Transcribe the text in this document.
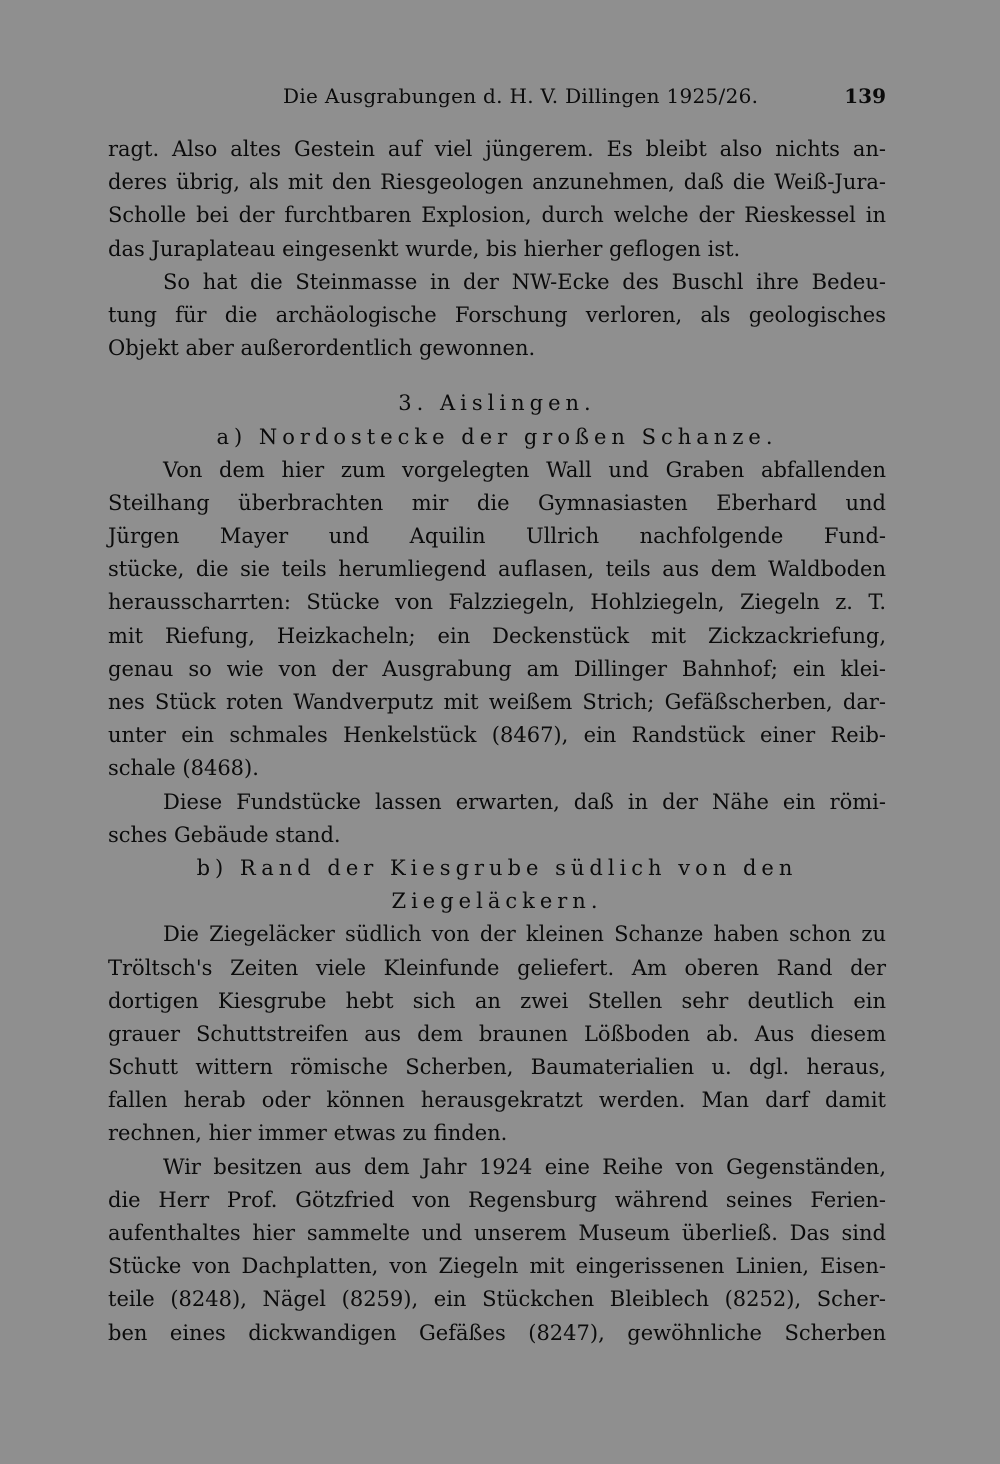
Die Ausgrabungen d. H. V. Dillingen 1925/26.	139
ragt. Also altes Gestein auf viel jüngerem. Es bleibt also nichts an-
deres übrig, als mit den Riesgeologen anzunehmen, daß die Weiß-Jura-
Scholle bei der furchtbaren Explosion, durch welche der Rieskessel in
das Juraplateau eingesenkt wurde, bis hierher geflogen ist.
So hat die Steinmasse in der NW-Ecke des Buschl ihre Bedeu-
tung für die archäologische Forschung verloren, als geologisches
Objekt aber außerordentlich gewonnen.
3. Aislingen.
a) Nordostecke der großen Schanze.
Von dem hier zum vorgelegten Wall und Graben abfallenden
Steilhang überbrachten mir die Gymnasiasten Eberhard und
Jürgen Mayer und Aquilin Ullrich nachfolgende Fund-
stücke, die sie teils herumliegend auflasen, teils aus dem Waldboden
herausscharrten: Stücke von Falzziegeln, Hohlziegeln, Ziegeln z. T.
mit Riefung, Heizkacheln; ein Deckenstück mit Zickzackriefung,
genau so wie von der Ausgrabung am Dillinger Bahnhof; ein klei-
nes Stück roten Wandverputz mit weißem Strich; Gefäßscherben, dar-
unter ein schmales Henkelstück (8467), ein Randstück einer Reib-
schale (8468).
Diese Fundstücke lassen erwarten, daß in der Nähe ein römi-
sches Gebäude stand.
b) Rand der Kiesgrube südlich von den
Ziegeläckern.
Die Ziegeläcker südlich von der kleinen Schanze haben schon zu
Tröltsch's Zeiten viele Kleinfunde geliefert. Am oberen Rand der
dortigen Kiesgrube hebt sich an zwei Stellen sehr deutlich ein
grauer Schuttstreifen aus dem braunen Lößboden ab. Aus diesem
Schutt wittern römische Scherben, Baumaterialien u. dgl. heraus,
fallen herab oder können herausgekratzt werden. Man darf damit
rechnen, hier immer etwas zu finden.
Wir besitzen aus dem Jahr 1924 eine Reihe von Gegenständen,
die Herr Prof. Götzfried von Regensburg während seines Ferien-
aufenthaltes hier sammelte und unserem Museum überließ. Das sind
Stücke von Dachplatten, von Ziegeln mit eingerissenen Linien, Eisen-
teile (8248), Nägel (8259), ein Stückchen Bleiblech (8252), Scher-
ben eines dickwandigen Gefäßes (8247), gewöhnliche Scherben
